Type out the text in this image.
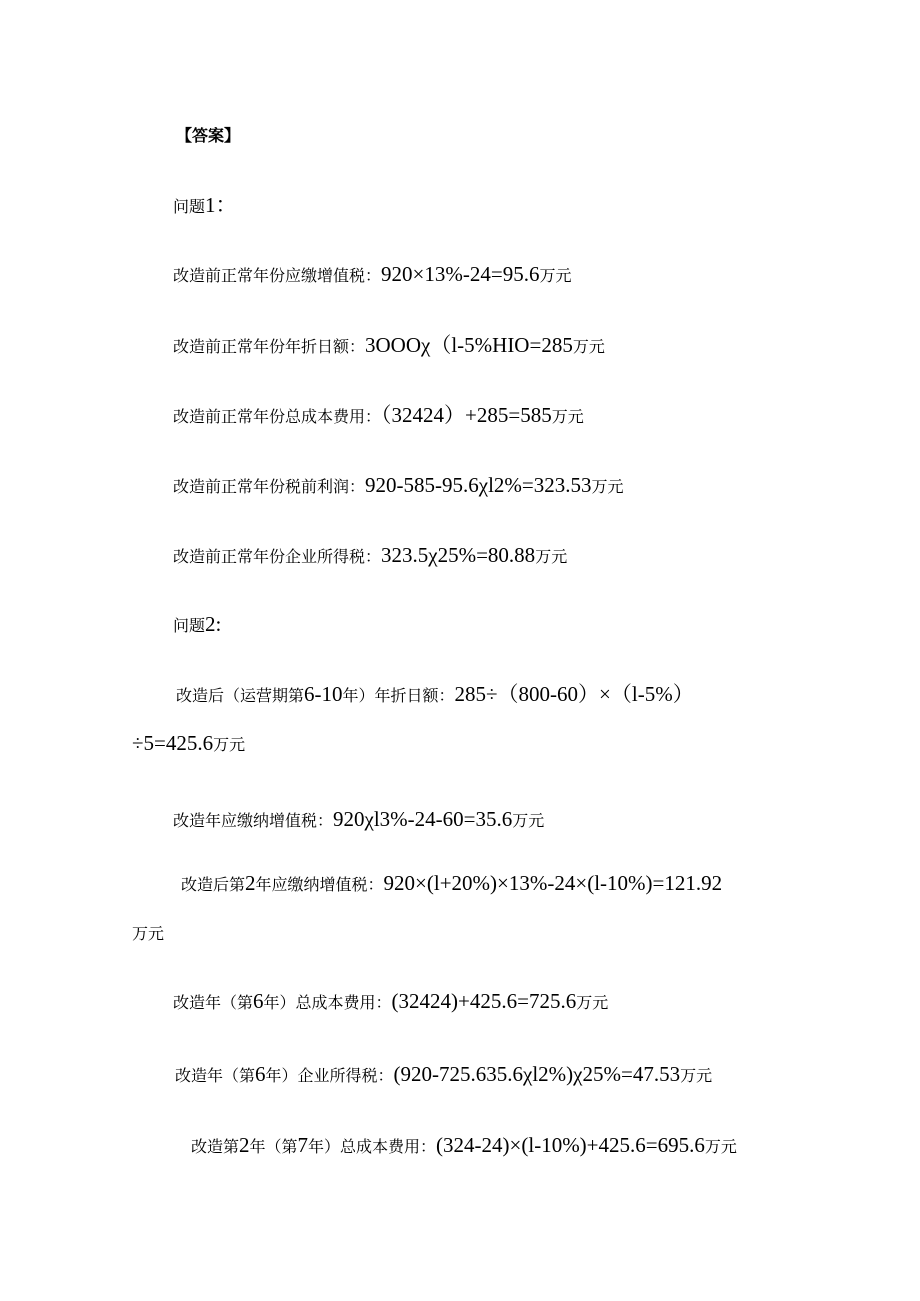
【答案】
问题1：
改造前正常年份应缴增值税：920×13%-24=95.6万元
改造前正常年份年折日额：3OOOχ（l-5%HIO=285万元
改造前正常年份总成本费用：（32424）+285=585万元
改造前正常年份税前利润：920-585-95.6χl2%=323.53万元
改造前正常年份企业所得税：323.5χ25%=80.88万元
问题2:
改造后（运营期第6-10年）年折日额：285÷（800-60）×（l-5%）
÷5=425.6万元
改造年应缴纳增值税：920χl3%-24-60=35.6万元
改造后第2年应缴纳增值税：920×(l+20%)×13%-24×(l-10%)=121.92
万元
改造年（第6年）总成本费用：(32424)+425.6=725.6万元
改造年（第6年）企业所得税：(920-725.635.6χl2%)χ25%=47.53万元
改造第2年（第7年）总成本费用：(324-24)×(l-10%)+425.6=695.6万元
